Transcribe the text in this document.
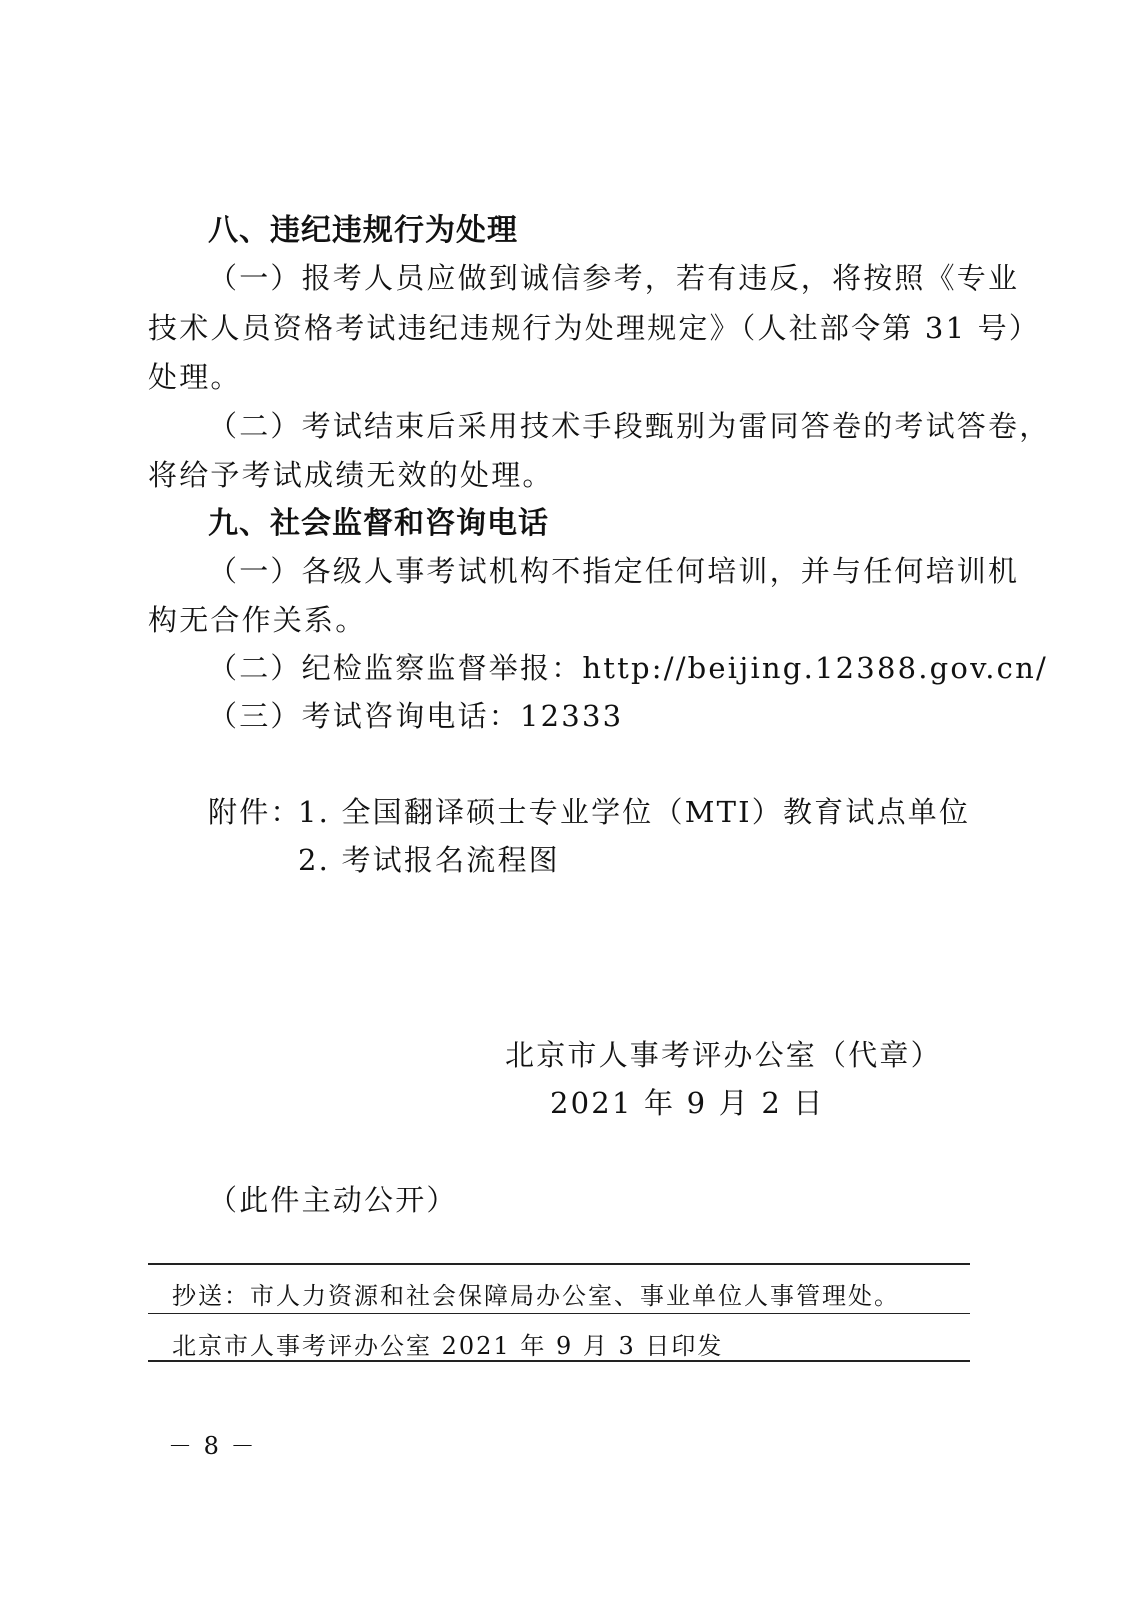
八、违纪违规行为处理
（一）报考人员应做到诚信参考，若有违反，将按照《专业
技术人员资格考试违纪违规行为处理规定》（人社部令第 31 号）
处理。
（二）考试结束后采用技术手段甄别为雷同答卷的考试答卷，
将给予考试成绩无效的处理。
九、社会监督和咨询电话
（一）各级人事考试机构不指定任何培训，并与任何培训机
构无合作关系。
（二）纪检监察监督举报：http://beijing.12388.gov.cn/
（三）考试咨询电话：12333
附件：
1. 全国翻译硕士专业学位（MTI）教育试点单位
2. 考试报名流程图
北京市人事考评办公室（代章）
2021 年 9 月 2 日
（此件主动公开）
抄送：市人力资源和社会保障局办公室、事业单位人事管理处。
北京市人事考评办公室 2021 年 9 月 3 日印发
－ 8 －
